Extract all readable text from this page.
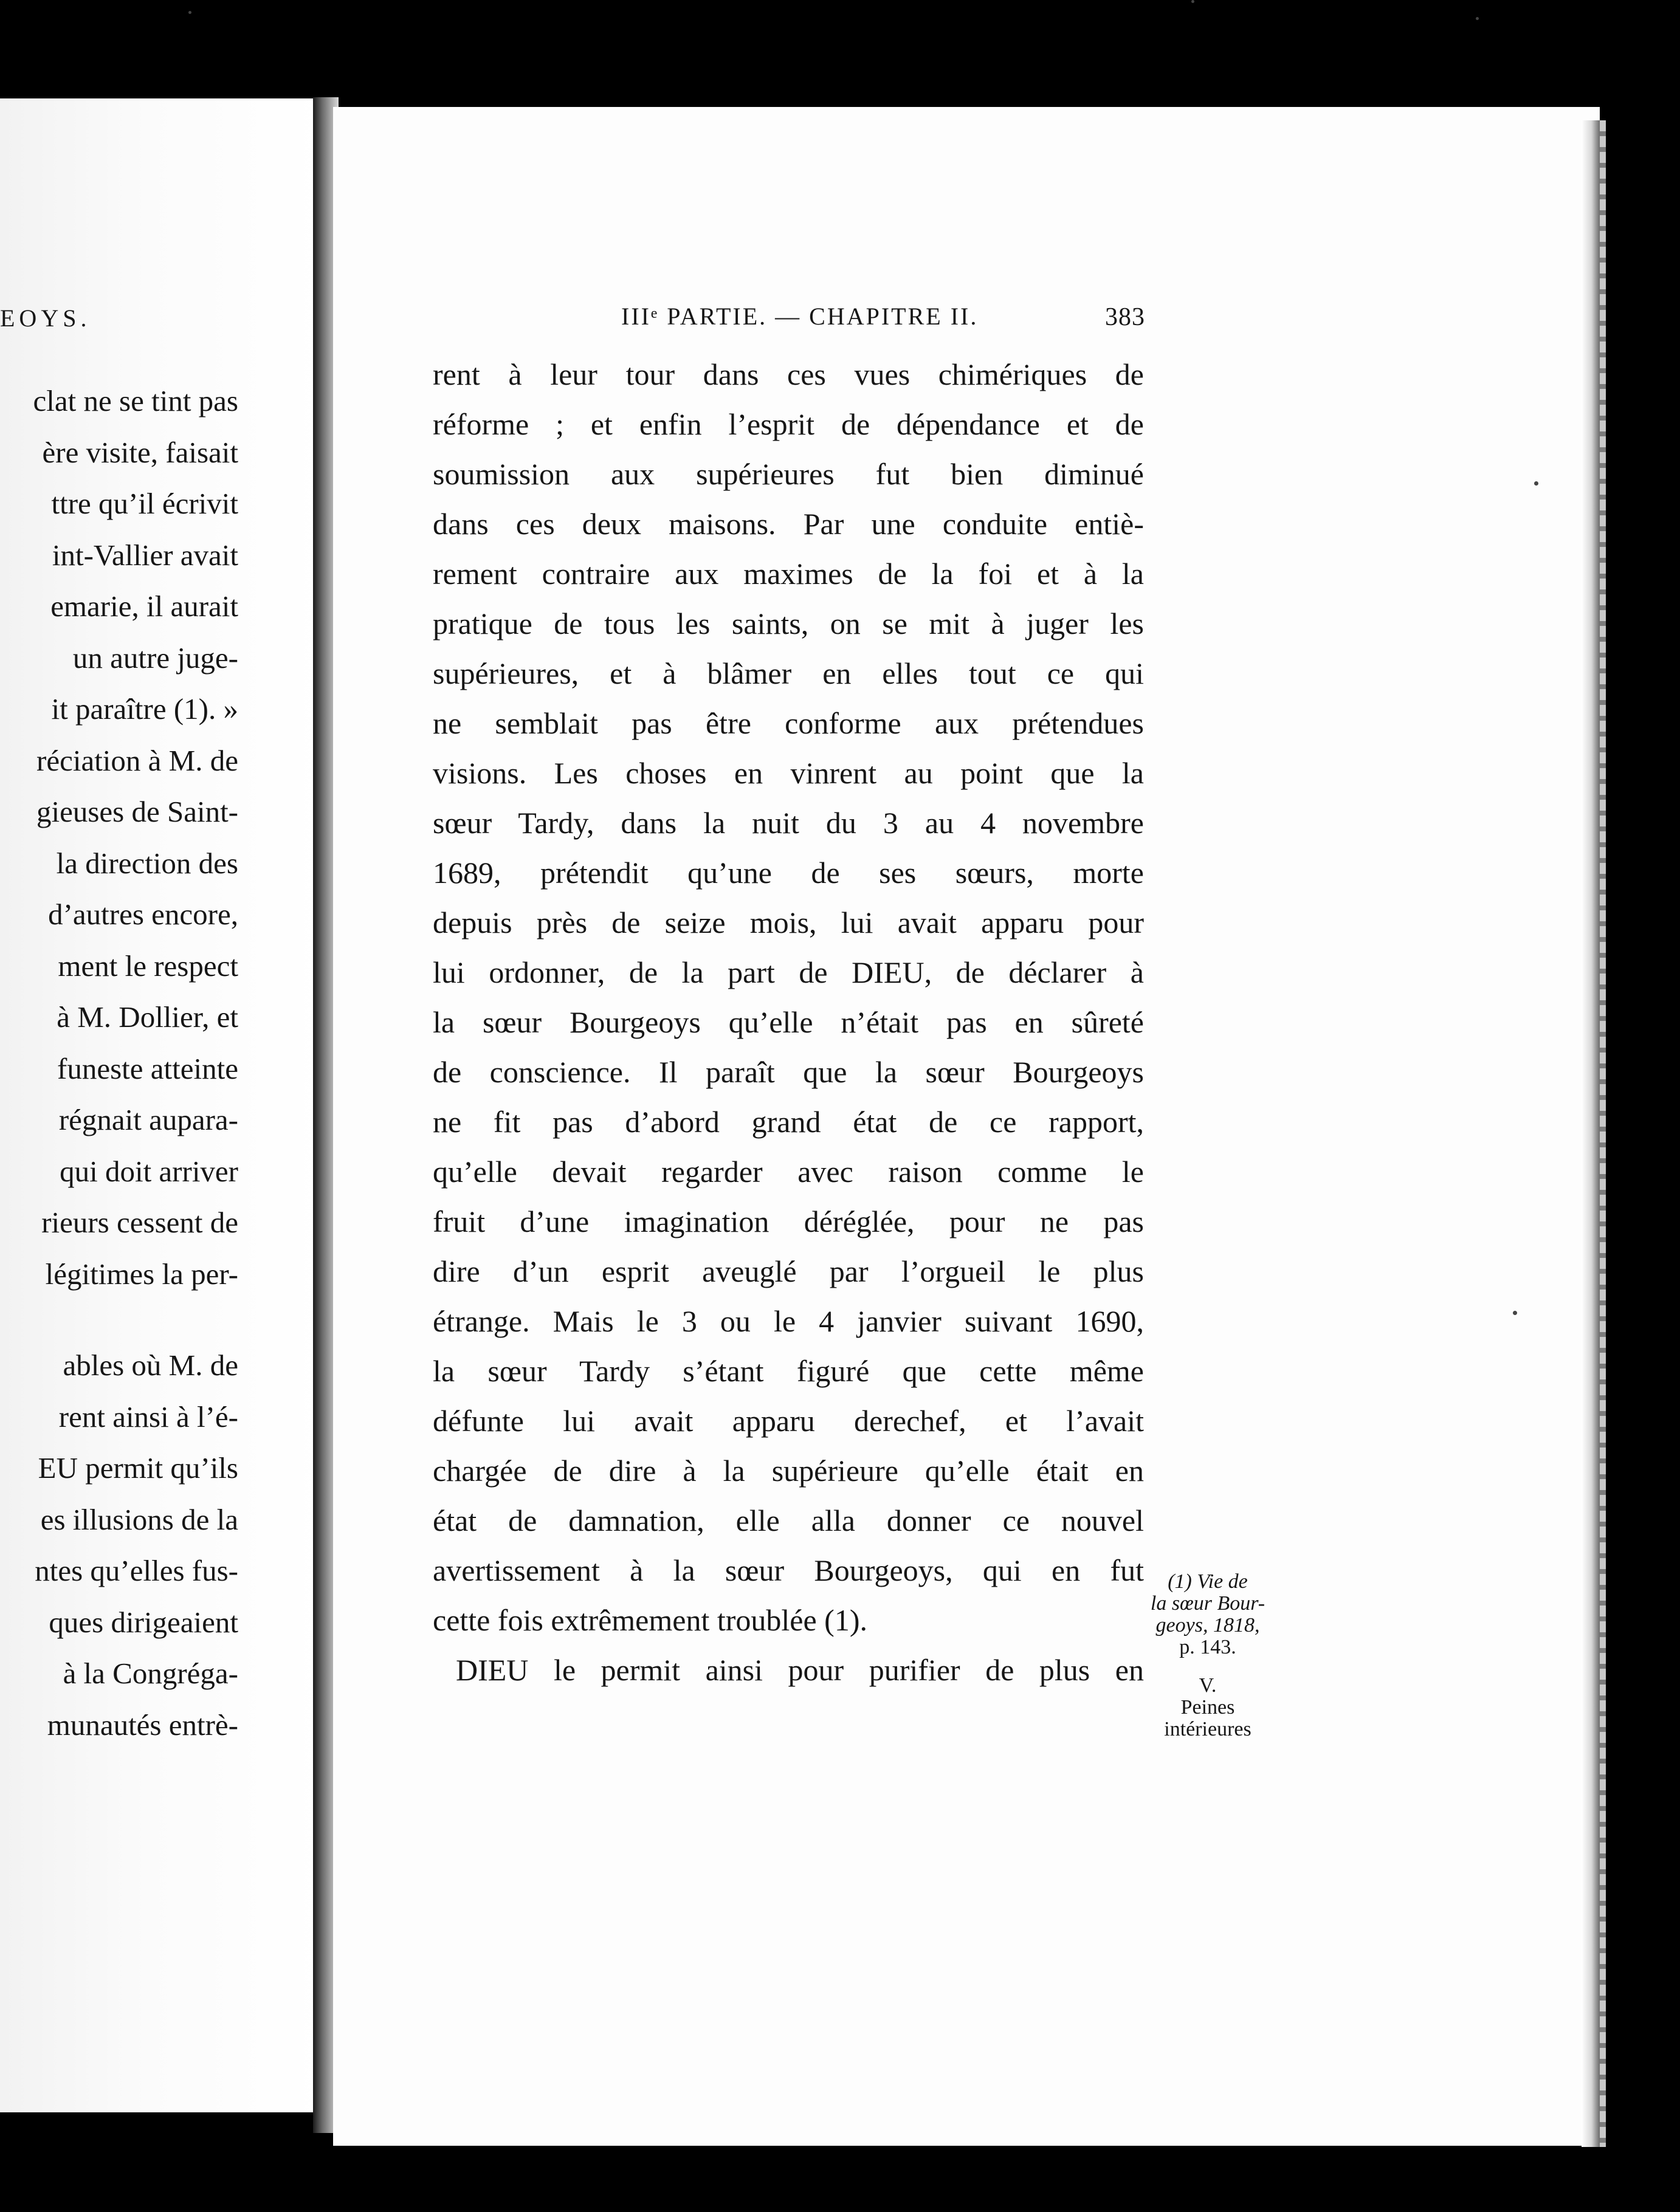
EOYS.
clat ne se tint pas
ère visite, faisait
ttre qu’il écrivit
int-Vallier avait
emarie, il aurait
un autre juge-
it paraître (1). »
réciation à M. de
gieuses de Saint-
la direction des
d’autres encore,
ment le respect
à M. Dollier, et
funeste atteinte
régnait aupara-
qui doit arriver
rieurs cessent de
légitimes la per-
ables où M. de
rent ainsi à l’é-
EU permit qu’ils
es illusions de la
ntes qu’elles fus-
ques dirigeaient
à la Congréga-
munautés entrè-
IIIᵉ PARTIE. — CHAPITRE II.	383
rent à leur tour dans ces vues chimériques de
réforme ; et enfin l’esprit de dépendance et de
soumission aux supérieures fut bien diminué
dans ces deux maisons. Par une conduite entiè-
rement contraire aux maximes de la foi et à la
pratique de tous les saints, on se mit à juger les
supérieures, et à blâmer en elles tout ce qui
ne semblait pas être conforme aux prétendues
visions. Les choses en vinrent au point que la
sœur Tardy, dans la nuit du 3 au 4 novembre
1689, prétendit qu’une de ses sœurs, morte
depuis près de seize mois, lui avait apparu pour
lui ordonner, de la part de DIEU, de déclarer à
la sœur Bourgeoys qu’elle n’était pas en sûreté
de conscience. Il paraît que la sœur Bourgeoys
ne fit pas d’abord grand état de ce rapport,
qu’elle devait regarder avec raison comme le
fruit d’une imagination déréglée, pour ne pas
dire d’un esprit aveuglé par l’orgueil le plus
étrange. Mais le 3 ou le 4 janvier suivant 1690,
la sœur Tardy s’étant figuré que cette même
défunte lui avait apparu derechef, et l’avait
chargée de dire à la supérieure qu’elle était en
état de damnation, elle alla donner ce nouvel
avertissement à la sœur Bourgeoys, qui en fut
cette fois extrêmement troublée (1).
DIEU le permit ainsi pour purifier de plus en
(1) Vie de
la sœur Bour-
geoys, 1818,
p. 143.
V.
Peines
intérieures
